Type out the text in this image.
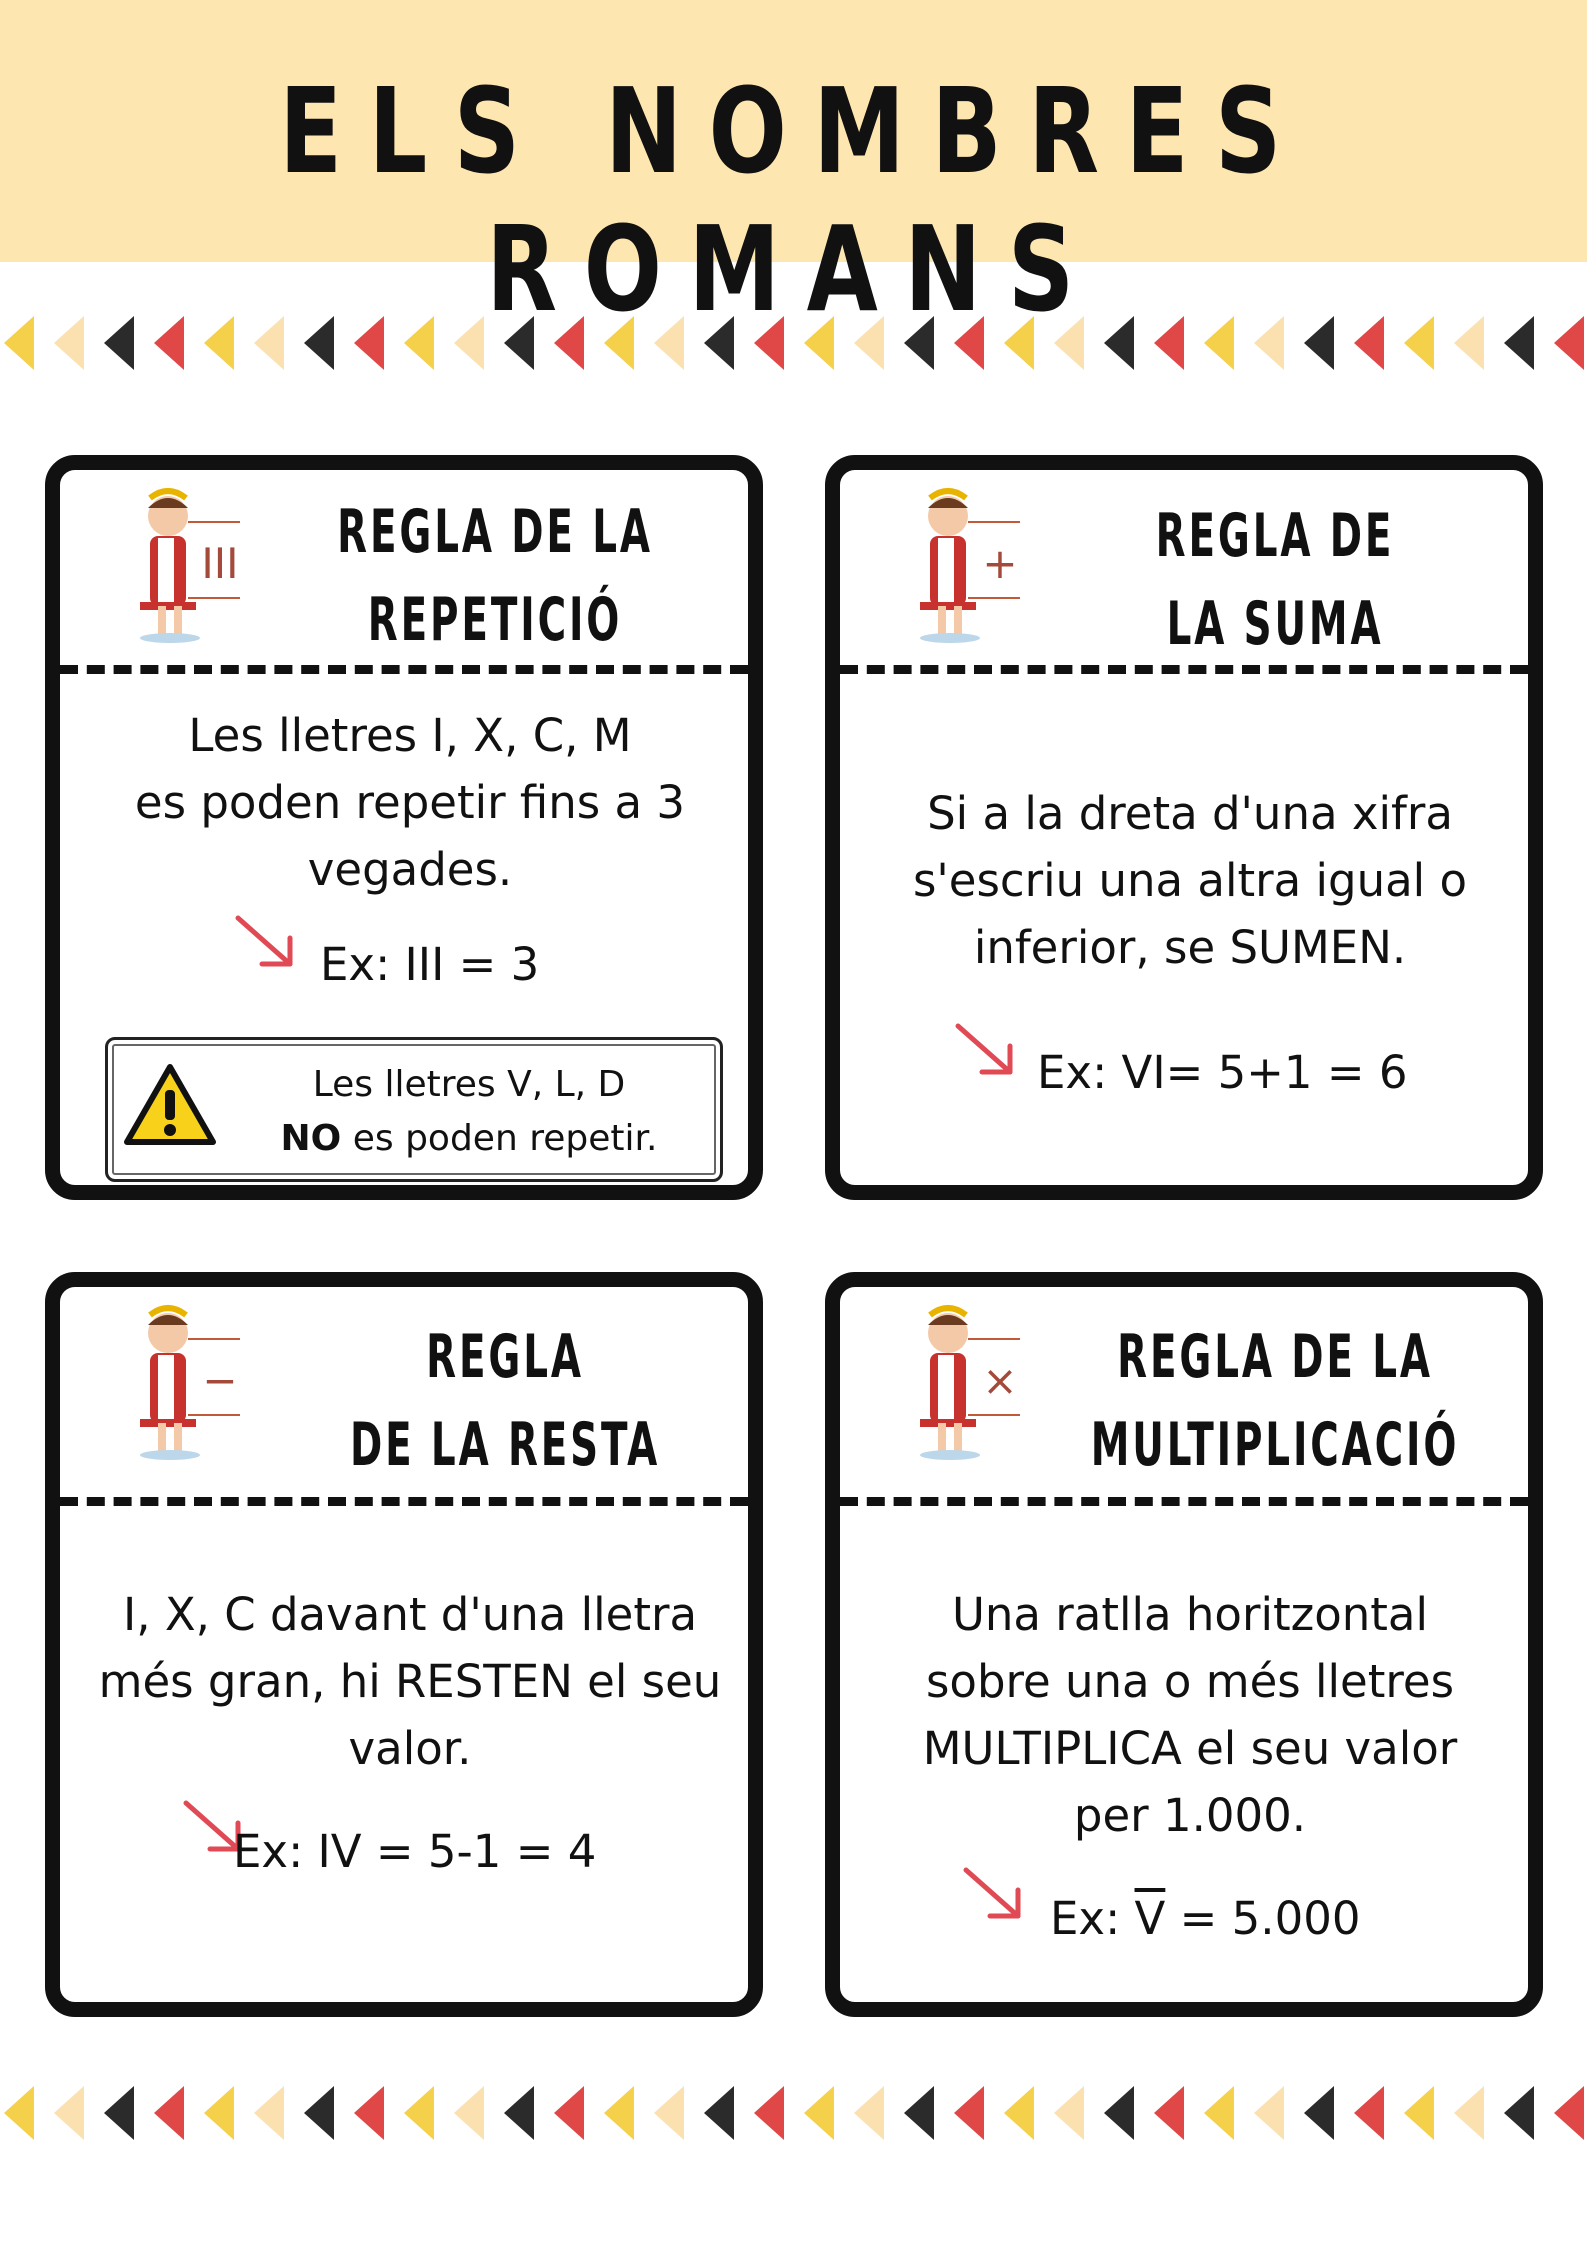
ELS NOMBRES ROMANS
III	REGLA DE LA
REPETICIÓ
Les lletres I, X, C, M
es poden repetir fins a 3
vegades.
Ex: III = 3
Les lletres V, L, D
NO es poden repetir.
+	REGLA DE
LA SUMA
Si a la dreta d'una xifra
s'escriu una altra igual o
inferior, se SUMEN.
Ex: VI= 5+1 = 6
−	REGLA
DE LA RESTA
I, X, C davant d'una lletra
més gran, hi RESTEN el seu
valor.
Ex: IV = 5-1 = 4
×	REGLA DE LA
MULTIPLICACIÓ
Una ratlla horitzontal
sobre una o més lletres
MULTIPLICA el seu valor
per 1.000.
Ex: $\overline{V} = 5.000$
